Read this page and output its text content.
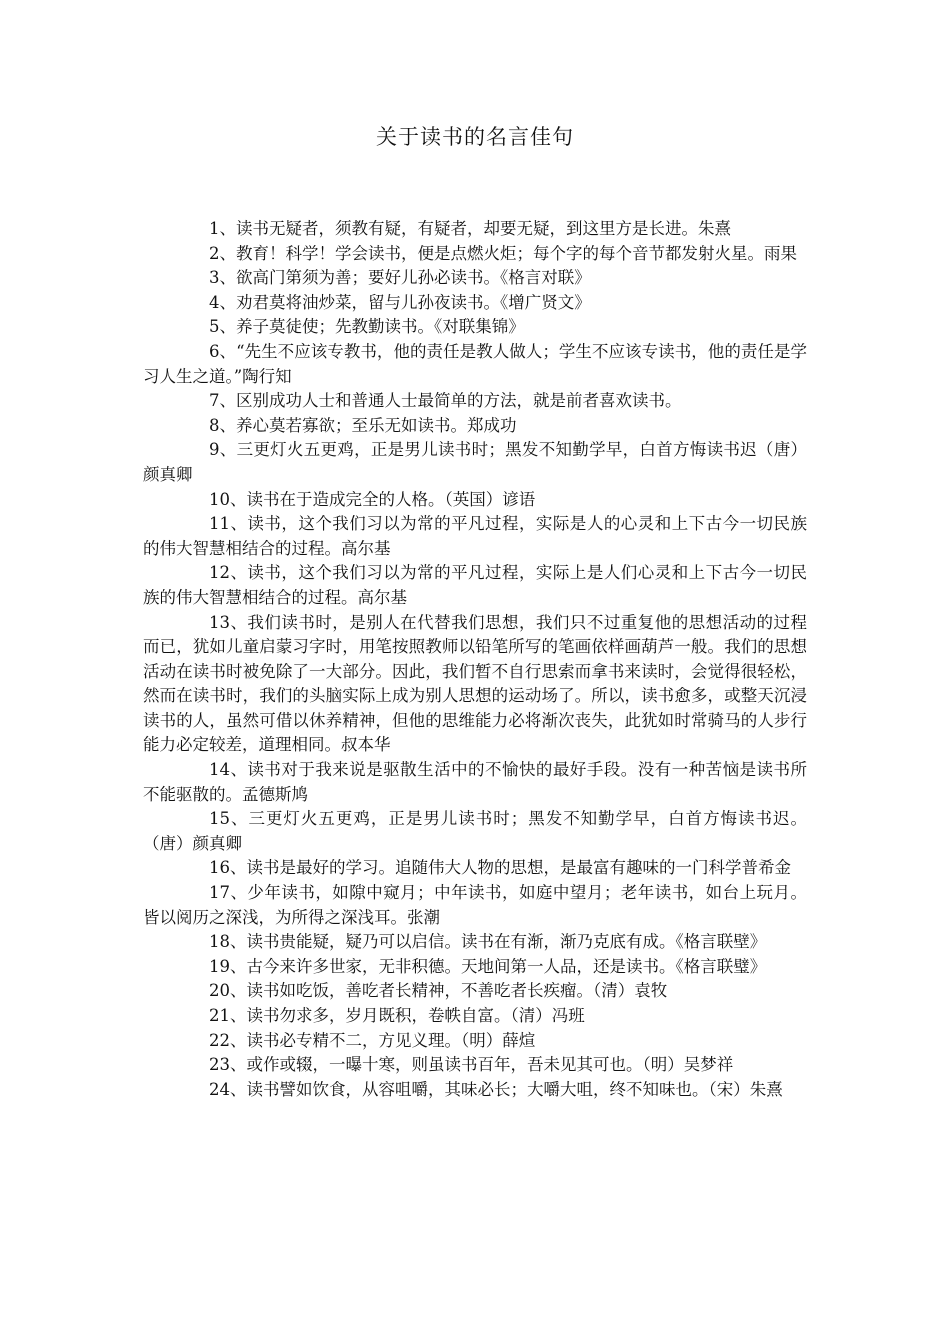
关于读书的名言佳句

1、读书无疑者，须教有疑，有疑者，却要无疑，到这里方是长进。朱熹

2、教育！科学！学会读书，便是点燃火炬；每个字的每个音节都发射火星。雨果

3、欲高门第须为善；要好儿孙必读书。《格言对联》

4、劝君莫将油炒菜，留与儿孙夜读书。《增广贤文》

5、养子莫徒使；先教勤读书。《对联集锦》

6、“先生不应该专教书，他的责任是教人做人；学生不应该专读书，他的责任是学习人生之道。”陶行知

7、区别成功人士和普通人士最简单的方法，就是前者喜欢读书。

8、养心莫若寡欲；至乐无如读书。郑成功

9、三更灯火五更鸡，正是男儿读书时；黑发不知勤学早，白首方悔读书迟（唐）颜真卿

10、读书在于造成完全的人格。（英国）谚语

11、读书，这个我们习以为常的平凡过程，实际是人的心灵和上下古今一切民族的伟大智慧相结合的过程。高尔基

12、读书，这个我们习以为常的平凡过程，实际上是人们心灵和上下古今一切民族的伟大智慧相结合的过程。高尔基

13、我们读书时，是别人在代替我们思想，我们只不过重复他的思想活动的过程而已，犹如儿童启蒙习字时，用笔按照教师以铅笔所写的笔画依样画葫芦一般。我们的思想活动在读书时被免除了一大部分。因此，我们暂不自行思索而拿书来读时，会觉得很轻松，然而在读书时，我们的头脑实际上成为别人思想的运动场了。所以，读书愈多，或整天沉浸读书的人，虽然可借以休养精神，但他的思维能力必将渐次丧失，此犹如时常骑马的人步行能力必定较差，道理相同。叔本华

14、读书对于我来说是驱散生活中的不愉快的最好手段。没有一种苦恼是读书所不能驱散的。孟德斯鸠

15、三更灯火五更鸡，正是男儿读书时；黑发不知勤学早，白首方悔读书迟。（唐）颜真卿

16、读书是最好的学习。追随伟大人物的思想，是最富有趣味的一门科学普希金

17、少年读书，如隙中窥月；中年读书，如庭中望月；老年读书，如台上玩月。皆以阅历之深浅，为所得之深浅耳。张潮

18、读书贵能疑，疑乃可以启信。读书在有渐，渐乃克底有成。《格言联壁》

19、古今来许多世家，无非积德。天地间第一人品，还是读书。《格言联璧》

20、读书如吃饭，善吃者长精神，不善吃者长疾瘤。（清）袁牧

21、读书勿求多，岁月既积，卷帙自富。（清）冯班

22、读书必专精不二，方见义理。（明）薛煊

23、或作或辍，一曝十寒，则虽读书百年，吾未见其可也。（明）吴梦祥

24、读书譬如饮食，从容咀嚼，其味必长；大嚼大咀，终不知味也。（宋）朱熹
